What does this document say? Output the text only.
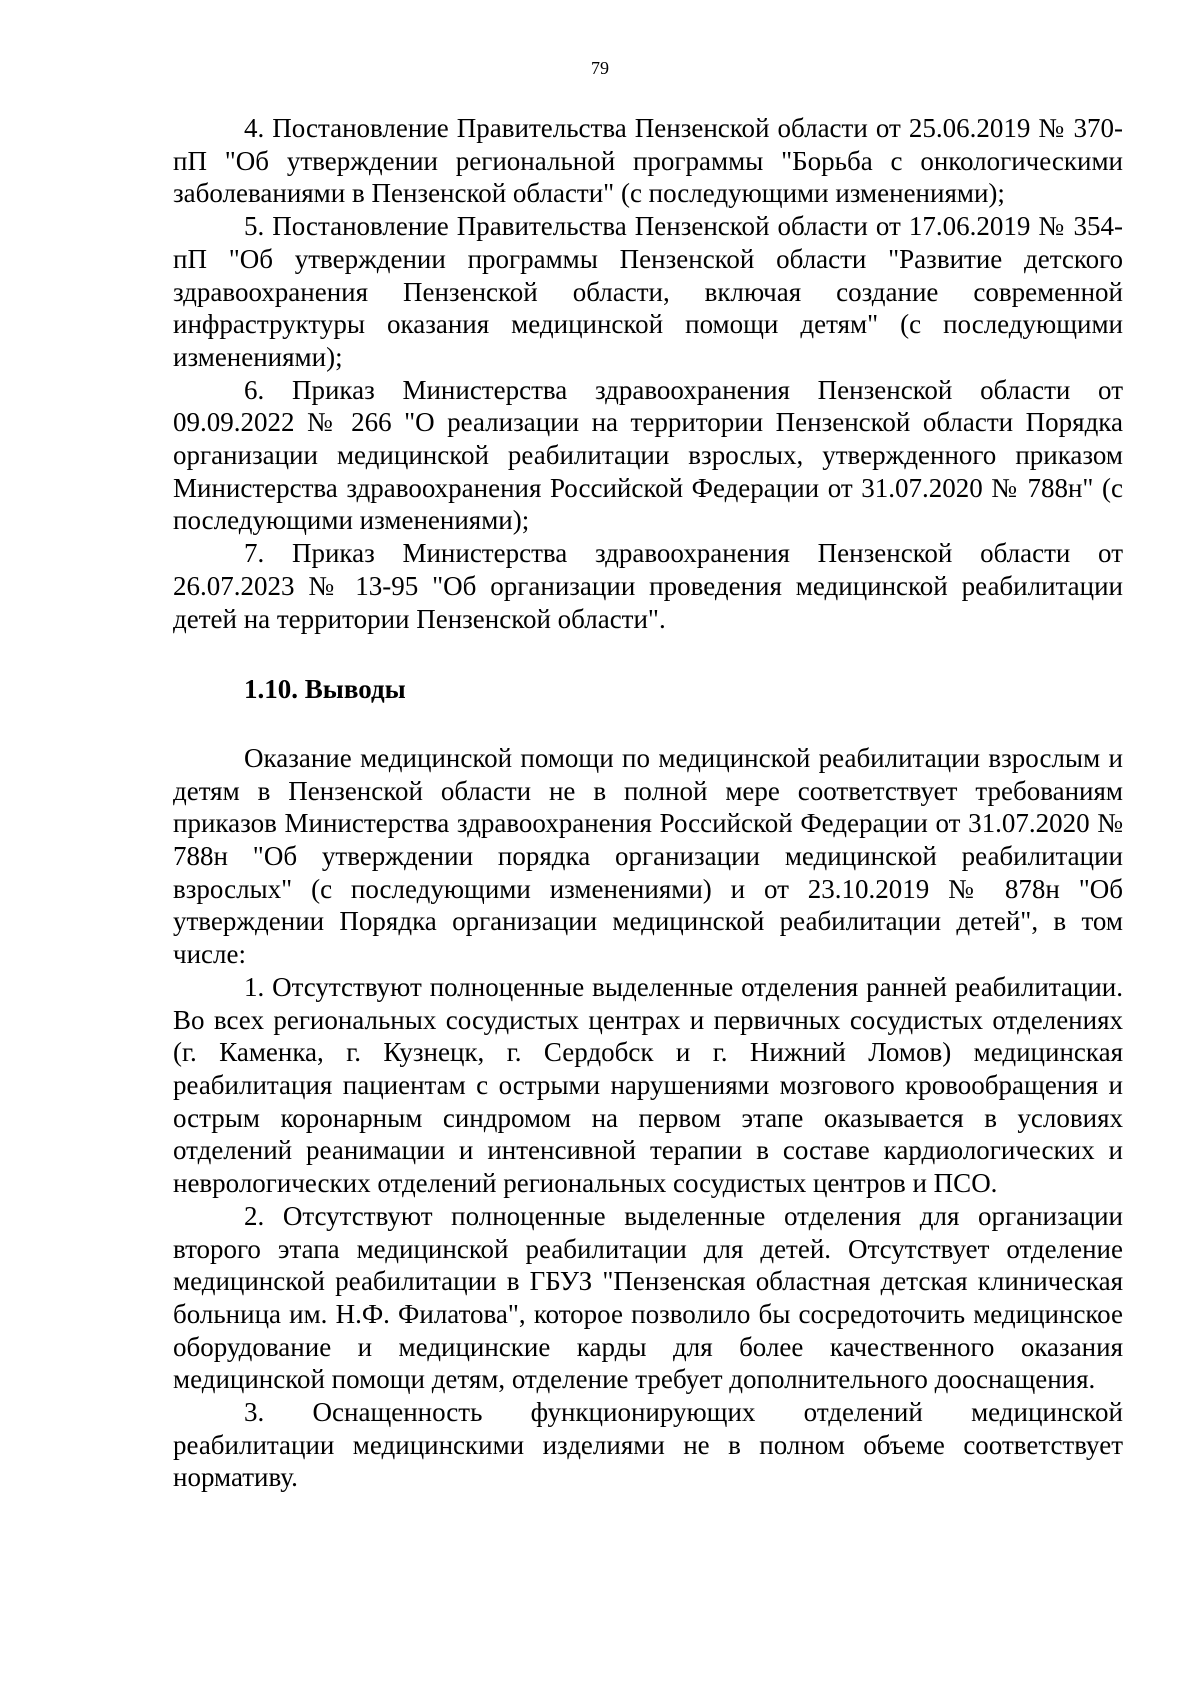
79

4. Постановление Правительства Пензенской области от 25.06.2019 № 370-пП "Об утверждении региональной программы "Борьба с онкологическими заболеваниями в Пензенской области" (с последующими изменениями);

5. Постановление Правительства Пензенской области от 17.06.2019 № 354-пП "Об утверждении программы Пензенской области "Развитие детского здравоохранения Пензенской области, включая создание современной инфраструктуры оказания медицинской помощи детям" (с последующими изменениями);

6. Приказ Министерства здравоохранения Пензенской области от 09.09.2022 № 266 "О реализации на территории Пензенской области Порядка организации медицинской реабилитации взрослых, утвержденного приказом Министерства здравоохранения Российской Федерации от 31.07.2020 № 788н" (с последующими изменениями);

7. Приказ Министерства здравоохранения Пензенской области от 26.07.2023 № 13-95 "Об организации проведения медицинской реабилитации детей на территории Пензенской области".

1.10. Выводы

Оказание медицинской помощи по медицинской реабилитации взрослым и детям в Пензенской области не в полной мере соответствует требованиям приказов Министерства здравоохранения Российской Федерации от 31.07.2020 № 788н "Об утверждении порядка организации медицинской реабилитации взрослых" (с последующими изменениями) и от 23.10.2019 № 878н "Об утверждении Порядка организации медицинской реабилитации детей", в том числе:

1. Отсутствуют полноценные выделенные отделения ранней реабилитации. Во всех региональных сосудистых центрах и первичных сосудистых отделениях (г. Каменка, г. Кузнецк, г. Сердобск и г. Нижний Ломов) медицинская реабилитация пациентам с острыми нарушениями мозгового кровообращения и острым коронарным синдромом на первом этапе оказывается в условиях отделений реанимации и интенсивной терапии в составе кардиологических и неврологических отделений региональных сосудистых центров и ПСО.

2. Отсутствуют полноценные выделенные отделения для организации второго этапа медицинской реабилитации для детей. Отсутствует отделение медицинской реабилитации в ГБУЗ "Пензенская областная детская клиническая больница им. Н.Ф. Филатова", которое позволило бы сосредоточить медицинское оборудование и медицинские карды для более качественного оказания медицинской помощи детям, отделение требует дополнительного дооснащения.

3. Оснащенность функционирующих отделений медицинской реабилитации медицинскими изделиями не в полном объеме соответствует нормативу.
